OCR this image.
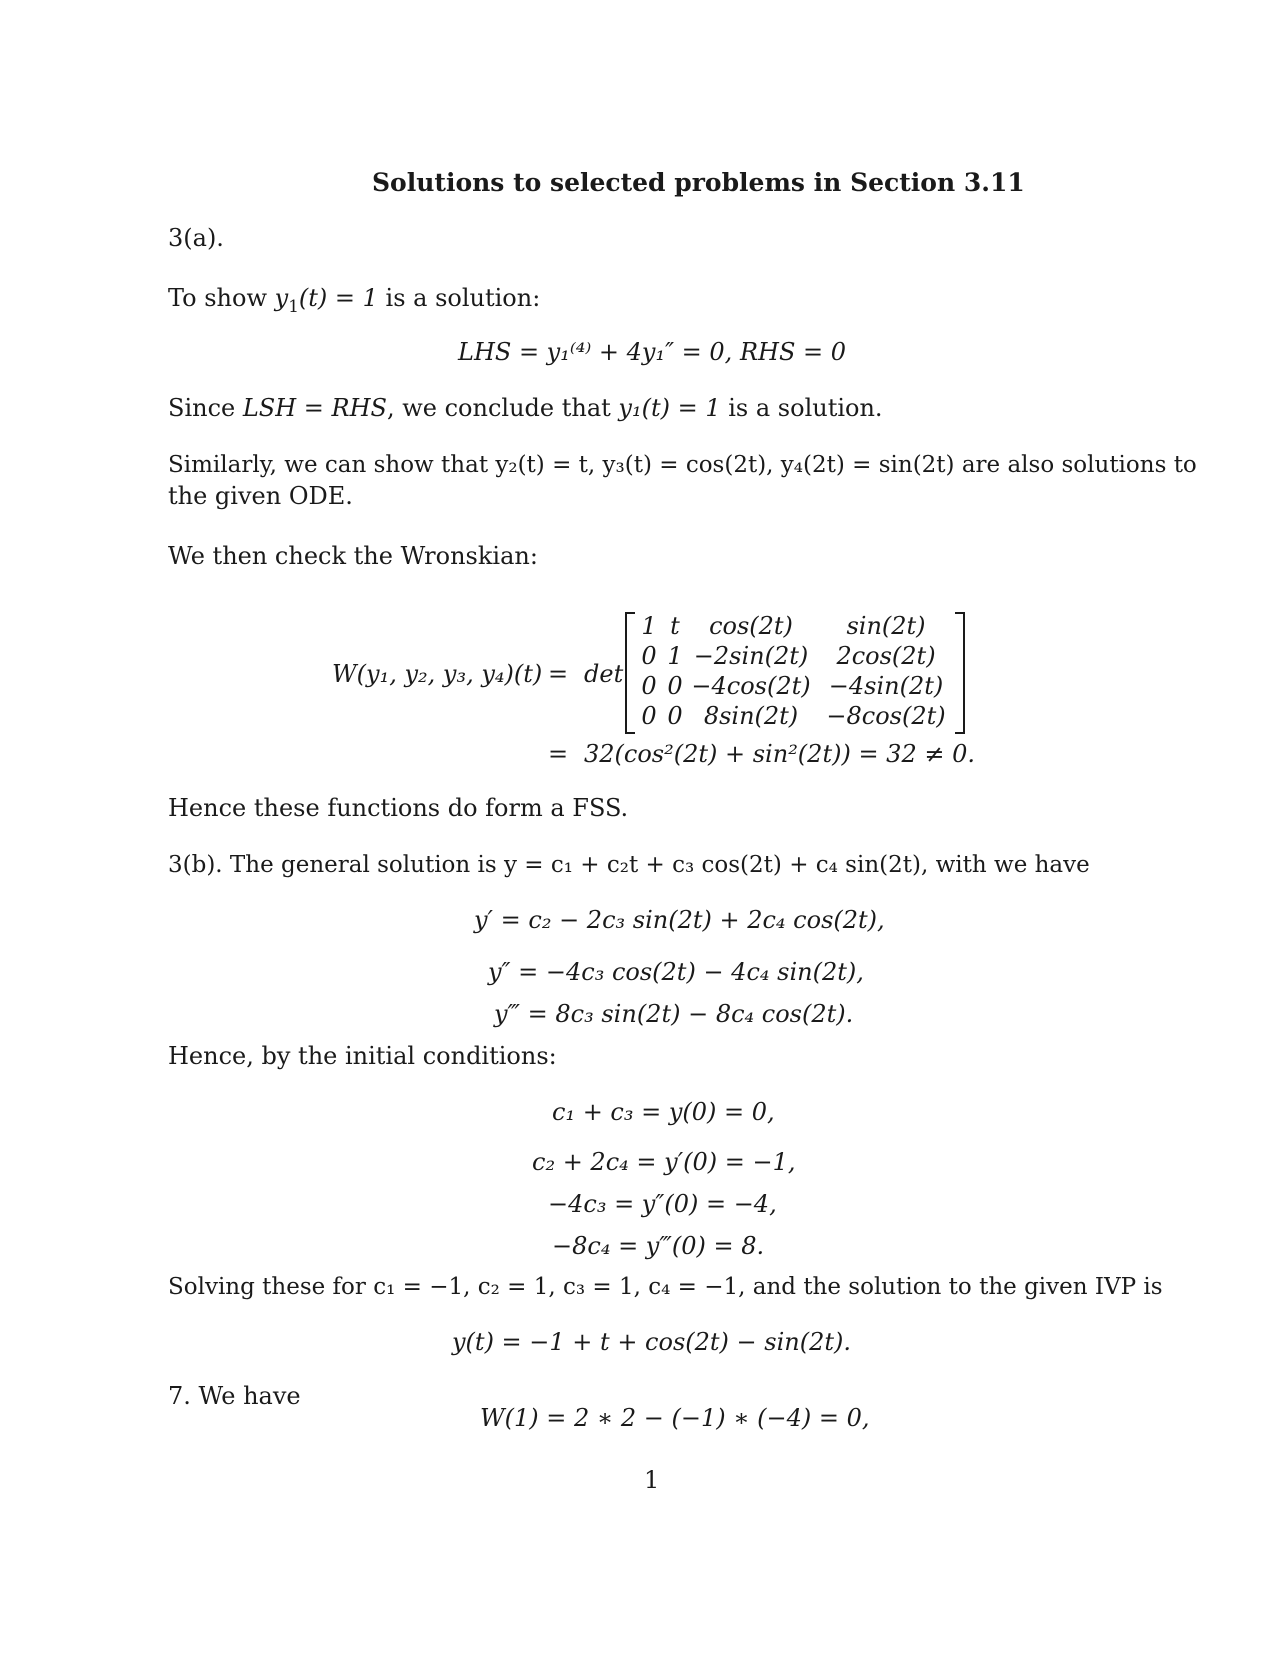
Solutions to selected problems in Section 3.11
3(a).
To show $y_1(t) = 1$ is a solution:
LHS = y₁⁽⁴⁾ + 4y₁″ = 0, RHS = 0
Since LSH = RHS, we conclude that y₁(t) = 1 is a solution.
Similarly, we can show that y₂(t) = t, y₃(t) = cos(2t), y₄(2t) = sin(2t) are also solutions to
the given ODE.
We then check the Wronskian:
W(y₁, y₂, y₃, y₄)(t) = det
1 t	cos(2t)	sin(2t)
0 1 −2sin(2t)	2cos(2t)
0 0 −4cos(2t) −4sin(2t)
0 0 8sin(2t)	−8cos(2t)
= 32(cos²(2t) + sin²(2t)) = 32 ≠ 0.
Hence these functions do form a FSS.
3(b). The general solution is y = c₁ + c₂t + c₃ cos(2t) + c₄ sin(2t), with we have
y′ = c₂ − 2c₃ sin(2t) + 2c₄ cos(2t),
y″ = −4c₃ cos(2t) − 4c₄ sin(2t),
y‴ = 8c₃ sin(2t) − 8c₄ cos(2t).
Hence, by the initial conditions:
c₁ + c₃ = y(0) = 0,
c₂ + 2c₄ = y′(0) = −1,
−4c₃ = y″(0) = −4,
−8c₄ = y‴(0) = 8.
Solving these for c₁ = −1, c₂ = 1, c₃ = 1, c₄ = −1, and the solution to the given IVP is
y(t) = −1 + t + cos(2t) − sin(2t).
7. We have
W(1) = 2 ∗ 2 − (−1) ∗ (−4) = 0,
1
